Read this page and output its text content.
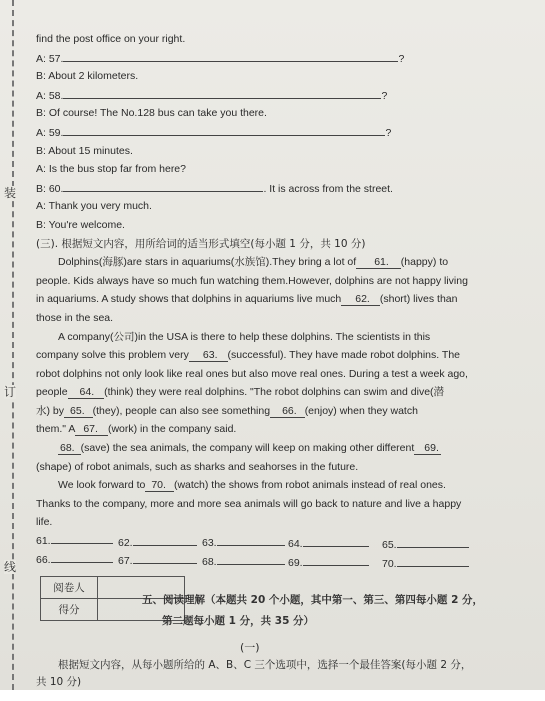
装
订
线
find the post office on your right.
A: 57.	?
B: About 2 kilometers.
A: 58.	?
B: Of course! The No.128 bus can take you there.
A: 59.	?
B: About 15 minutes.
A: Is the bus stop far from here?
B: 60.	. It is across from the street.
A: Thank you very much.
B: You're welcome.
(三). 根据短文内容，用所给词的适当形式填空(每小题 1 分，共 10 分)
Dolphins(海豚)are stars in aquariums(水族馆).They bring a lot of 61. (happy) to
people. Kids always have so much fun watching them.However, dolphins are not happy living
in aquariums. A study shows that dolphins in aquariums live much 62. (short) lives than
those in the sea.
A company(公司)in the USA is there to help these dolphins. The scientists in this
company solve this problem very 63. (successful). They have made robot dolphins. The
robot dolphins not only look like real ones but also move real ones. During a test a week ago,
people 64. (think) they were real dolphins. "The robot dolphins can swim and dive(潜
水) by 65. (they), people can also see something 66. (enjoy) when they watch
them." A 67. (work) in the company said.
68. (save) the sea animals, the company will keep on making other different 69.
(shape) of robot animals, such as sharks and seahorses in the future.
We look forward to 70. (watch) the shows from robot animals instead of real ones.
Thanks to the company, more and more sea animals will go back to nature and live a happy
life.
61.	62.	63.	64.	65.
66.	67.	68.	69.	70.
阅卷人	
得分	
五、阅读理解（本题共 20 个小题，其中第一、第三、第四每小题 2 分，
第二题每小题 1 分，共 35 分）
(一)
根据短文内容，从每小题所给的 A、B、C 三个选项中，选择一个最佳答案(每小题 2 分，
共 10 分)
